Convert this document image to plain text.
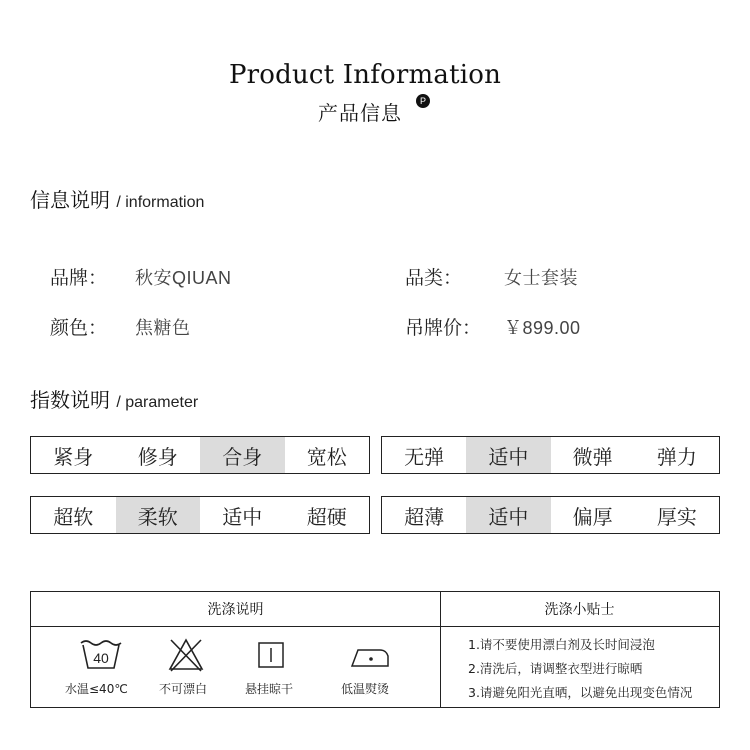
Product Information
产品信息	P
信息说明 / information
品牌： 秋安QIUAN	品类： 女士套装
颜色： 焦糖色	吊牌价： ￥899.00
指数说明 / parameter
紧身	修身	合身	宽松	无弹	适中	微弹	弹力
超软	柔软	适中	超硬	超薄	适中	偏厚	厚实
洗涤说明	洗涤小贴士
40
水温≤40℃	不可漂白	悬挂晾干	低温熨烫
1.请不要使用漂白剂及长时间浸泡
2.清洗后，请调整衣型进行晾晒
3.请避免阳光直晒，以避免出现变色情况
